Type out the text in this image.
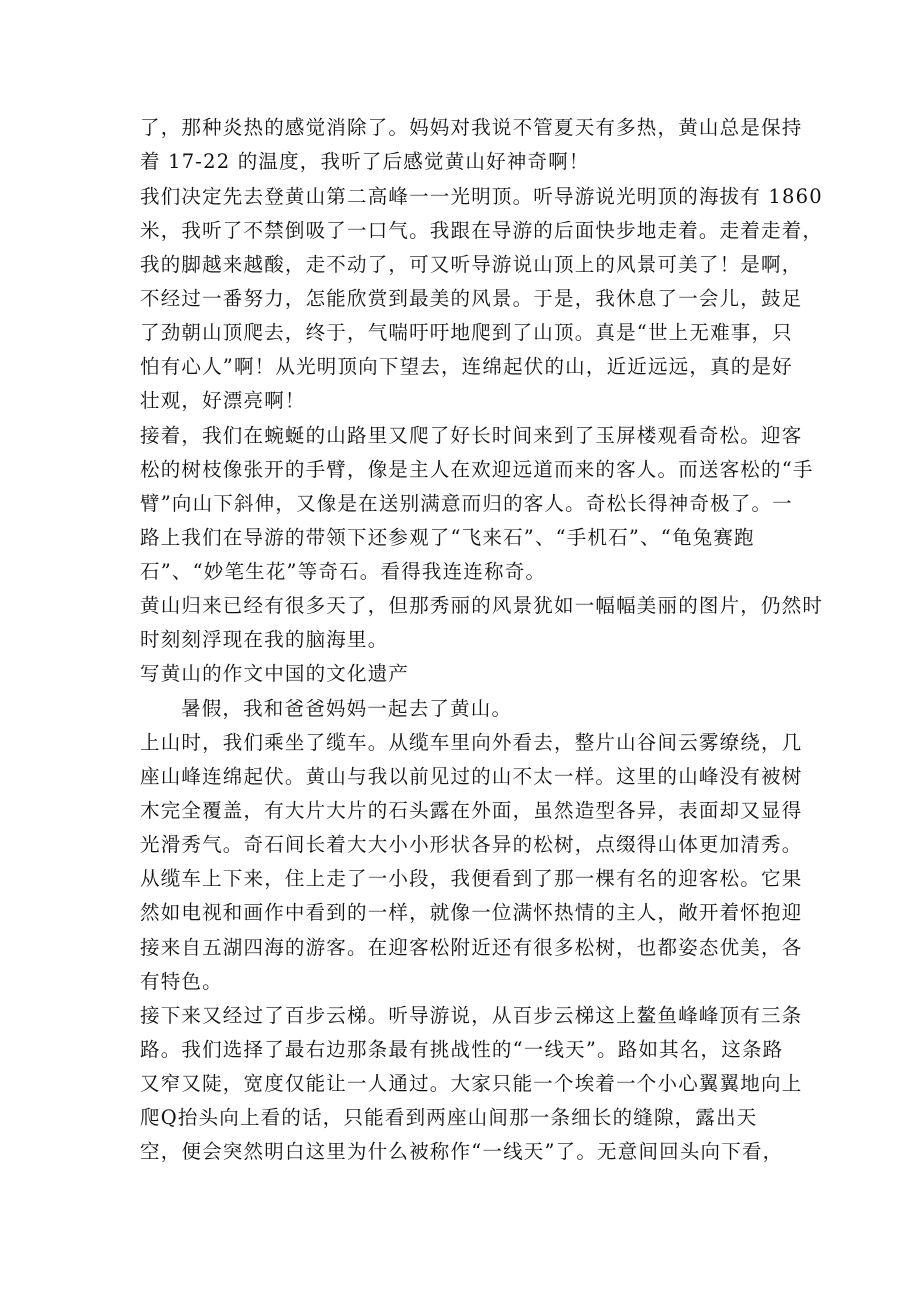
了，那种炎热的感觉消除了。妈妈对我说不管夏天有多热，黄山总是保持
着 17-22 的温度，我听了后感觉黄山好神奇啊！
我们决定先去登黄山第二高峰一一光明顶。听导游说光明顶的海拔有 1860
米，我听了不禁倒吸了一口气。我跟在导游的后面快步地走着。走着走着，
我的脚越来越酸，走不动了，可又听导游说山顶上的风景可美了！是啊，
不经过一番努力，怎能欣赏到最美的风景。于是，我休息了一会儿，鼓足
了劲朝山顶爬去，终于，气喘吁吁地爬到了山顶。真是“世上无难事，只
怕有心人”啊！从光明顶向下望去，连绵起伏的山，近近远远，真的是好
壮观，好漂亮啊！
接着，我们在蜿蜒的山路里又爬了好长时间来到了玉屏楼观看奇松。迎客
松的树枝像张开的手臂，像是主人在欢迎远道而来的客人。而送客松的“手
臂”向山下斜伸，又像是在送别满意而归的客人。奇松长得神奇极了。一
路上我们在导游的带领下还参观了“飞来石”、“手机石”、“龟兔赛跑
石”、“妙笔生花”等奇石。看得我连连称奇。
黄山归来已经有很多天了，但那秀丽的风景犹如一幅幅美丽的图片，仍然时
时刻刻浮现在我的脑海里。
写黄山的作文中国的文化遗产
暑假，我和爸爸妈妈一起去了黄山。
上山时，我们乘坐了缆车。从缆车里向外看去，整片山谷间云雾缭绕，几
座山峰连绵起伏。黄山与我以前见过的山不太一样。这里的山峰没有被树
木完全覆盖，有大片大片的石头露在外面，虽然造型各异，表面却又显得
光滑秀气。奇石间长着大大小小形状各异的松树，点缀得山体更加清秀。
从缆车上下来，住上走了一小段，我便看到了那一棵有名的迎客松。它果
然如电视和画作中看到的一样，就像一位满怀热情的主人，敞开着怀抱迎
接来自五湖四海的游客。在迎客松附近还有很多松树，也都姿态优美，各
有特色。
接下来又经过了百步云梯。听导游说，从百步云梯这上鳌鱼峰峰顶有三条
路。我们选择了最右边那条最有挑战性的“一线天”。路如其名，这条路
又窄又陡，宽度仅能让一人通过。大家只能一个埃着一个小心翼翼地向上
爬Q抬头向上看的话，只能看到两座山间那一条细长的缝隙，露出天
空，便会突然明白这里为什么被称作“一线天”了。无意间回头向下看，
